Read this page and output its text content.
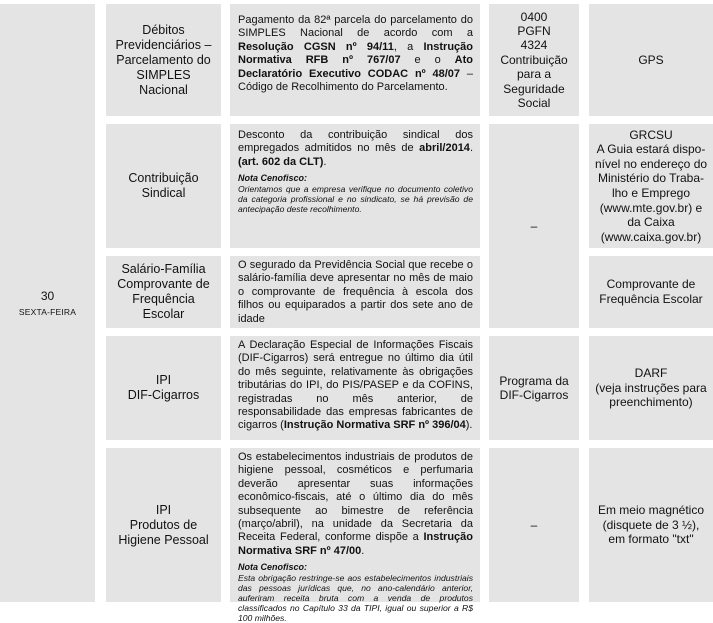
30
SEXTA-FEIRA
Débitos
Previdenciários –
Parcelamento do
SIMPLES
Nacional
Contribuição
Sindical
Salário-Família
Comprovante de
Frequência
Escolar
IPI
DIF-Cigarros
IPI
Produtos de
Higiene Pessoal

Pagamento da 82ª parcela do parcelamento do SIMPLES Nacional de acordo com a Resolução CGSN nº 94/11, a Instrução Normativa RFB nº 767/07 e o Ato Declaratório Executivo CODAC nº 48/07 – Código de Recolhimento do Parcelamento.

Desconto da contribuição sindical dos empregados admitidos no mês de abril/2014. (art. 602 da CLT).

Nota Cenofisco:
Orientamos que a empresa verifique no documento coletivo da categoria profissional e no sindicato, se há previsão de antecipação deste recolhimento.

O segurado da Previdência Social que recebe o salário-família deve apresentar no mês de maio o comprovante de frequência à escola dos filhos ou equiparados a partir dos sete ano de idade

A Declaração Especial de Informações Fiscais (DIF-Cigarros) será entregue no último dia útil do mês seguinte, relativamente às obrigações tributárias do IPI, do PIS/PASEP e da COFINS, registradas no mês anterior, de responsabilidade das empresas fabricantes de cigarros (Instrução Normativa SRF nº 396/04).

Os estabelecimentos industriais de produtos de higiene pessoal, cosméticos e perfumaria deverão apresentar suas informações econômico-fiscais, até o último dia do mês subsequente ao bimestre de referência (março/abril), na unidade da Secretaria da Receita Federal, conforme dispõe a Instrução Normativa SRF nº 47/00.

Nota Cenofisco:
Esta obrigação restringe-se aos estabelecimentos industriais das pessoas jurídicas que, no ano-calendário anterior, auferiram receita bruta com a venda de produtos classificados no Capítulo 33 da TIPI, igual ou superior a R$ 100 milhões.
0400
PGFN
4324
Contribuição
para a
Seguridade
Social
–
Programa da
DIF-Cigarros
–
GPS
GRCSU
A Guia estará dispo-
nível no endereço do
Ministério do Traba-
lho e Emprego
(www.mte.gov.br) e
da Caixa
(www.caixa.gov.br)
Comprovante de
Frequência Escolar
DARF
(veja instruções para
preenchimento)
Em meio magnético
(disquete de 3 ½),
em formato "txt"
